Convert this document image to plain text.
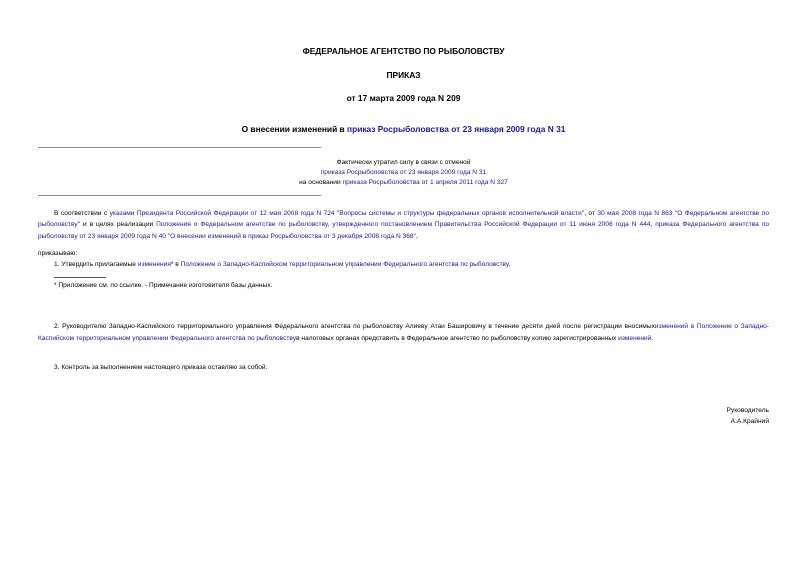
ФЕДЕРАЛЬНОЕ АГЕНТСТВО ПО РЫБОЛОВСТВУ
ПРИКАЗ
от 17 марта 2009 года N 209
О внесении изменений в приказ Росрыболовства от 23 января 2009 года N 31
Фактически утратил силу в связи с отменой
приказа Росрыболовства от 23 января 2009 года N 31
на основании приказа Росрыболовства от 1 апреля 2011 года N 327
В соответствии с указами Президента Российской Федерации от 12 мая 2008 года N 724 "Вопросы системы и структуры федеральных органов исполнительной власти", от 30 мая 2008 года N 863 "О Федеральном агентстве по рыболовству" и в целях реализации Положения о Федеральном агентстве по рыболовству, утвержденного постановлением Правительства Российской Федерации от 11 июня 2008 года N 444, приказа Федерального агентства по рыболовству от 23 января 2009 года N 40 "О внесении изменений в приказ Росрыболовства от 3 декабря 2008 года N 368",
приказываю:
1. Утвердить прилагаемые изменения* в Положение о Западно-Каспийском территориальном управлении Федерального агентства по рыболовству.
* Приложение см. по ссылке. - Примечание изготовителя базы данных.
2. Руководителю Западно-Каспийского территориального управления Федерального агентства по рыболовству Алиеву Атаи Башировичу в течение десяти дней после регистрации вносимыхизменений в Положение о Западно-Каспийском территориальном управлении Федерального агентства по рыболовствув налоговых органах представить в Федеральное агентство по рыболовству копию зарегистрированных изменений.
3. Контроль за выполнением настоящего приказа оставляю за собой.
Руководитель
А.А.Крайний
